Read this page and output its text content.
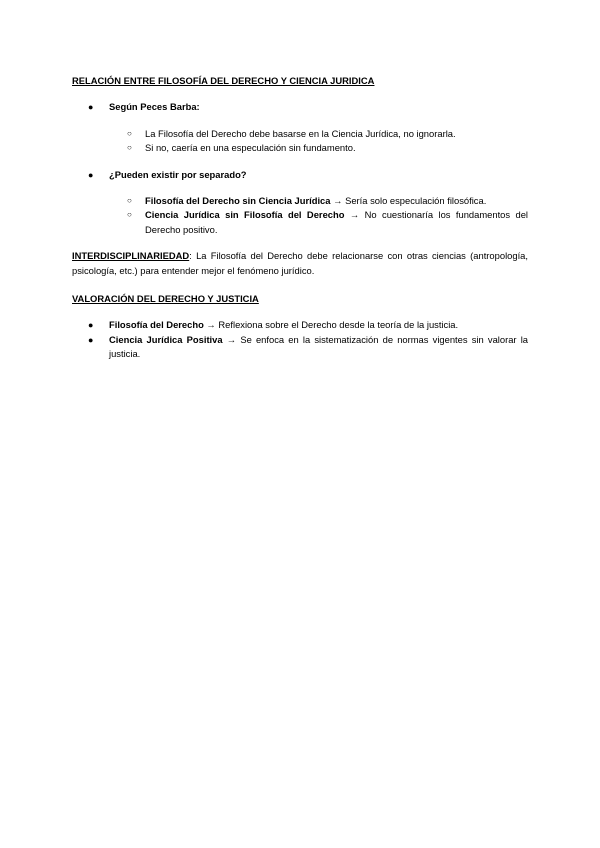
RELACIÓN ENTRE FILOSOFÍA DEL DERECHO Y CIENCIA JURIDICA

● Según Peces Barba:
○ La Filosofía del Derecho debe basarse en la Ciencia Jurídica, no ignorarla.
○ Si no, caería en una especulación sin fundamento.
● ¿Pueden existir por separado?
○ Filosofía del Derecho sin Ciencia Jurídica → Sería solo especulación filosófica.
○ Ciencia Jurídica sin Filosofía del Derecho → No cuestionaría los fundamentos del Derecho positivo.

INTERDISCIPLINARIEDAD: La Filosofía del Derecho debe relacionarse con otras ciencias (antropología, psicología, etc.) para entender mejor el fenómeno jurídico.

VALORACIÓN DEL DERECHO Y JUSTICIA

● Filosofía del Derecho → Reflexiona sobre el Derecho desde la teoría de la justicia.
● Ciencia Jurídica Positiva → Se enfoca en la sistematización de normas vigentes sin valorar la justicia.
